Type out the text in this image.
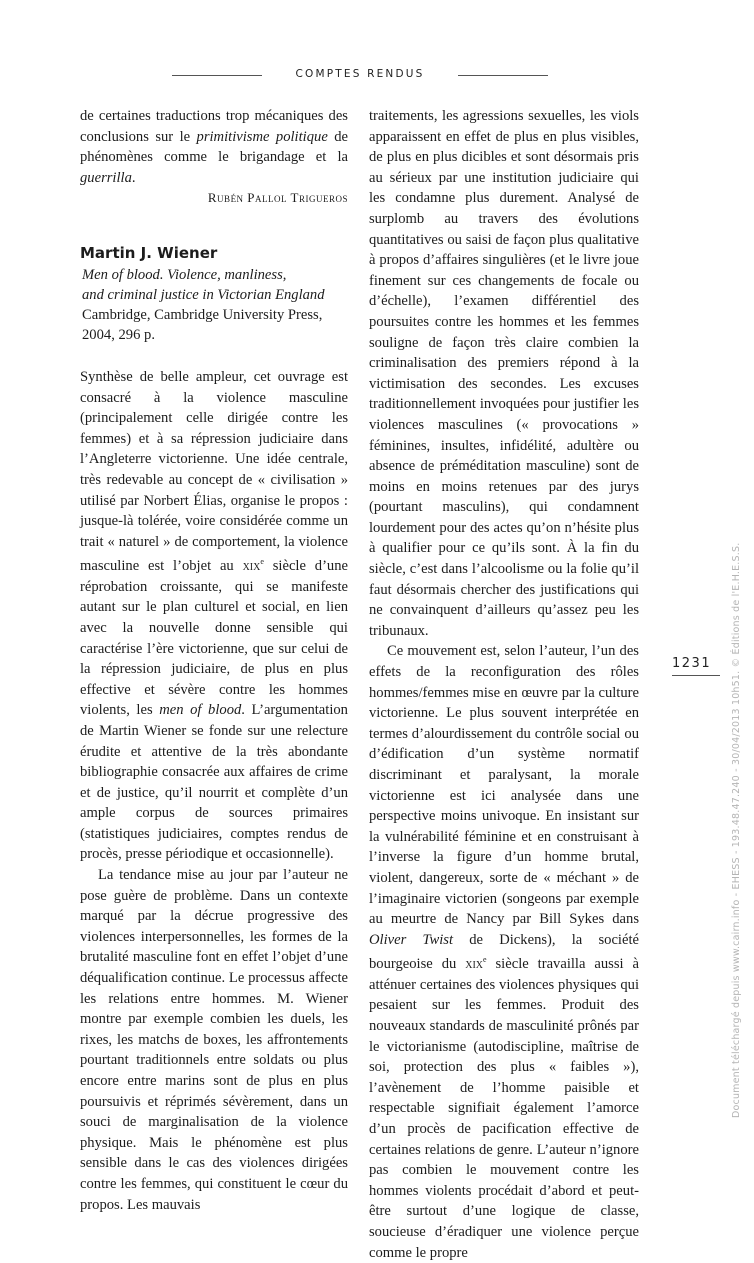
COMPTES RENDUS

de certaines traductions trop mécaniques des conclusions sur le primitivisme politique de phénomènes comme le brigandage et la guerrilla.

Rubén Pallol Trigueros

Martin J. Wiener

Men of blood. Violence, manliness,
and criminal justice in Victorian England
Cambridge, Cambridge University Press,
2004, 296 p.

Synthèse de belle ampleur, cet ouvrage est consacré à la violence masculine (principalement celle dirigée contre les femmes) et à sa répression judiciaire dans l’Angleterre victorienne. Une idée centrale, très redevable au concept de « civilisation » utilisé par Norbert Élias, organise le propos : jusque-là tolérée, voire considérée comme un trait « naturel » de comportement, la violence masculine est l’objet au xix$^e$ siècle d’une réprobation croissante, qui se manifeste autant sur le plan culturel et social, en lien avec la nouvelle donne sensible qui caractérise l’ère victorienne, que sur celui de la répression judiciaire, de plus en plus effective et sévère contre les hommes violents, les men of blood. L’argumentation de Martin Wiener se fonde sur une relecture érudite et attentive de la très abondante bibliographie consacrée aux affaires de crime et de justice, qu’il nourrit et complète d’un ample corpus de sources primaires (statistiques judiciaires, comptes rendus de procès, presse périodique et occasionnelle).

La tendance mise au jour par l’auteur ne pose guère de problème. Dans un contexte marqué par la décrue progressive des violences interpersonnelles, les formes de la brutalité masculine font en effet l’objet d’une déqualification continue. Le processus affecte les relations entre hommes. M. Wiener montre par exemple combien les duels, les rixes, les matchs de boxes, les affrontements pourtant traditionnels entre soldats ou plus encore entre marins sont de plus en plus poursuivis et réprimés sévèrement, dans un souci de marginalisation de la violence physique. Mais le phénomène est plus sensible dans le cas des violences dirigées contre les femmes, qui constituent le cœur du propos. Les mauvais

traitements, les agressions sexuelles, les viols apparaissent en effet de plus en plus visibles, de plus en plus dicibles et sont désormais pris au sérieux par une institution judiciaire qui les condamne plus durement. Analysé de surplomb au travers des évolutions quantitatives ou saisi de façon plus qualitative à propos d’affaires singulières (et le livre joue finement sur ces changements de focale ou d’échelle), l’examen différentiel des poursuites contre les hommes et les femmes souligne de façon très claire combien la criminalisation des premiers répond à la victimisation des secondes. Les excuses traditionnellement invoquées pour justifier les violences masculines (« provocations » féminines, insultes, infidélité, adultère ou absence de préméditation masculine) sont de moins en moins retenues par des jurys (pourtant masculins), qui condamnent lourdement pour des actes qu’on n’hésite plus à qualifier pour ce qu’ils sont. À la fin du siècle, c’est dans l’alcoolisme ou la folie qu’il faut désormais chercher des justifications qui ne convainquent d’ailleurs qu’assez peu les tribunaux.

Ce mouvement est, selon l’auteur, l’un des effets de la reconfiguration des rôles hommes/femmes mise en œuvre par la culture victorienne. Le plus souvent interprétée en termes d’alourdissement du contrôle social ou d’édification d’un système normatif discriminant et paralysant, la morale victorienne est ici analysée dans une perspective moins univoque. En insistant sur la vulnérabilité féminine et en construisant à l’inverse la figure d’un homme brutal, violent, dangereux, sorte de « méchant » de l’imaginaire victorien (songeons par exemple au meurtre de Nancy par Bill Sykes dans Oliver Twist de Dickens), la société bourgeoise du xix$^e$ siècle travailla aussi à atténuer certaines des violences physiques qui pesaient sur les femmes. Produit des nouveaux standards de masculinité prônés par le victorianisme (autodiscipline, maîtrise de soi, protection des plus « faibles »), l’avènement de l’homme paisible et respectable signifiait également l’amorce d’un procès de pacification effective de certaines relations de genre. L’auteur n’ignore pas combien le mouvement contre les hommes violents procédait d’abord et peut-être surtout d’une logique de classe, soucieuse d’éradiquer une violence perçue comme le propre

1231	Document téléchargé depuis www.cairn.info - EHESS - 193.48.47.240 - 30/04/2013 10h51. © Éditions de l'E.H.E.S.S.
